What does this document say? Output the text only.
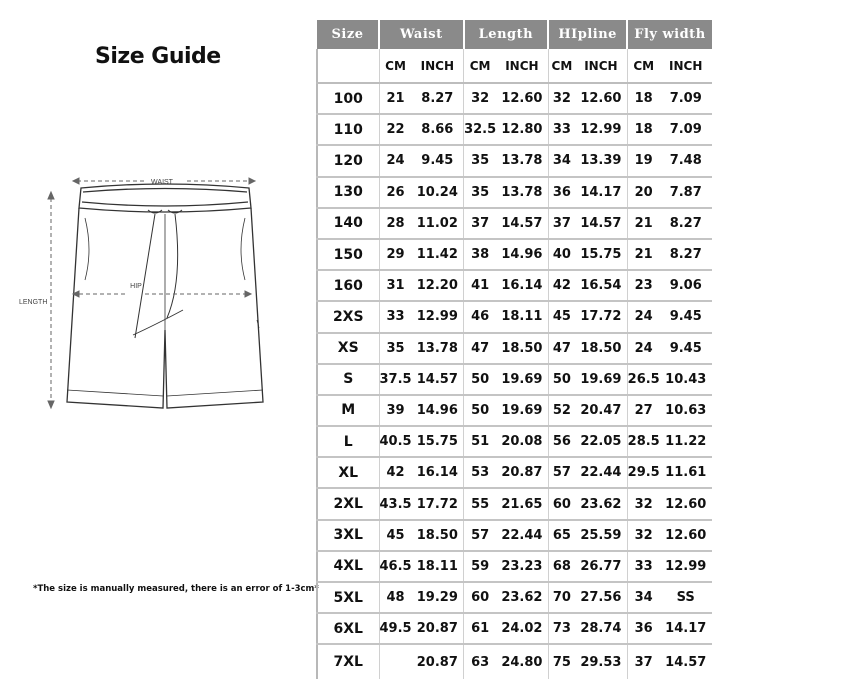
Size Guide
WAIST
LENGTH
HIP
*The size is manually measured, there is an error of 1-3cm*
Size	Waist		Length		HIpline		Fly width	
	CM	INCH	CM	INCH	CM	INCH	CM	INCH
100	21	8.27	32	12.60	32	12.60	18	7.09
110	22	8.66	32.5	12.80	33	12.99	18	7.09
120	24	9.45	35	13.78	34	13.39	19	7.48
130	26	10.24	35	13.78	36	14.17	20	7.87
140	28	11.02	37	14.57	37	14.57	21	8.27
150	29	11.42	38	14.96	40	15.75	21	8.27
160	31	12.20	41	16.14	42	16.54	23	9.06
2XS	33	12.99	46	18.11	45	17.72	24	9.45
XS	35	13.78	47	18.50	47	18.50	24	9.45
S	37.5	14.57	50	19.69	50	19.69	26.5	10.43
M	39	14.96	50	19.69	52	20.47	27	10.63
L	40.5	15.75	51	20.08	56	22.05	28.5	11.22
XL	42	16.14	53	20.87	57	22.44	29.5	11.61
2XL	43.5	17.72	55	21.65	60	23.62	32	12.60
3XL	45	18.50	57	22.44	65	25.59	32	12.60
4XL	46.5	18.11	59	23.23	68	26.77	33	12.99
5XL	48	19.29	60	23.62	70	27.56	34	SS
6XL	49.5	20.87	61	24.02	73	28.74	36	14.17
7XL		20.87	63	24.80	75	29.53	37	14.57
